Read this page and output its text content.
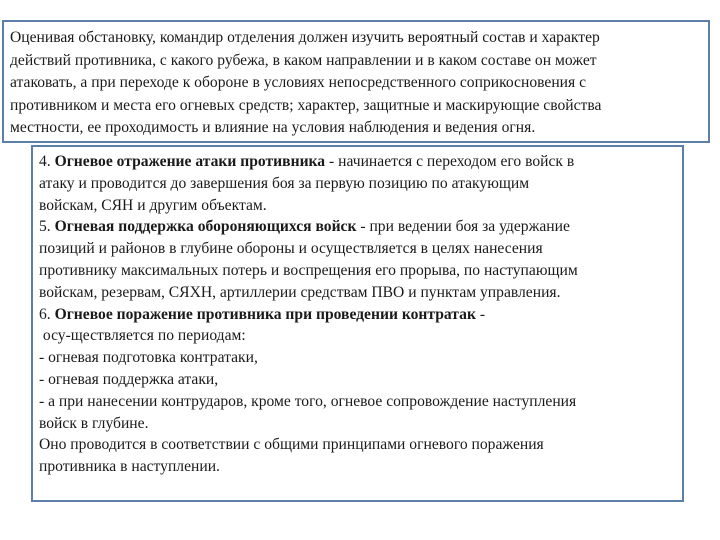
Оценивая обстановку, командир отделения должен изучить вероятный состав и характер
действий противника, с какого рубежа, в каком направлении и в каком составе он может
атаковать, а при переходе к обороне в условиях непосредственного соприкосновения с
противником и места его огневых средств; характер, защитные и маскирующие свойства
местности, ее проходимость и влияние на условия наблюдения и ведения огня.
4. Огневое отражение атаки противника - начинается с переходом его войск в
атаку и проводится до завершения боя за первую позицию по атакующим
войскам, СЯН и другим объектам.
5. Огневая поддержка обороняющихся войск - при ведении боя за удержание
позиций и районов в глубине обороны и осуществляется в целях нанесения
противнику максимальных потерь и воспрещения его прорыва, по наступающим
войскам, резервам, СЯХН, артиллерии средствам ПВО и пунктам управления.
6. Огневое поражение противника при проведении контратак -
осу-ществляется по периодам:
- огневая подготовка контратаки,
- огневая поддержка атаки,
- а при нанесении контрударов, кроме того, огневое сопровождение наступления
войск в глубине.
Оно проводится в соответствии с общими принципами огневого поражения
противника в наступлении.
